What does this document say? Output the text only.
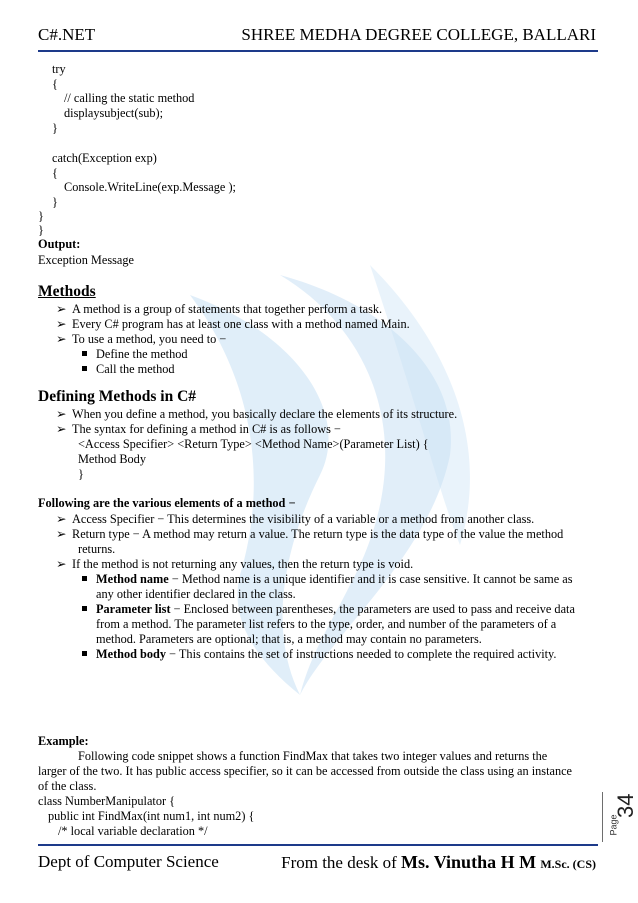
C#.NET	SHREE MEDHA DEGREE COLLEGE, BALLARI
try
{
// calling the static method
displaysubject(sub);
}
catch(Exception exp)
{
Console.WriteLine(exp.Message );
}
}
}
Output:
Exception Message
Methods
➢ A method is a group of statements that together perform a task.
➢ Every C# program has at least one class with a method named Main.
➢ To use a method, you need to −
Define the method
Call the method
Defining Methods in C#
➢ When you define a method, you basically declare the elements of its structure.
➢ The syntax for defining a method in C# is as follows −
<Access Specifier> <Return Type> <Method Name>(Parameter List) {
Method Body
}
Following are the various elements of a method −
➢ Access Specifier − This determines the visibility of a variable or a method from another class.
➢ Return type − A method may return a value. The return type is the data type of the value the method
returns.
➢ If the method is not returning any values, then the return type is void.
Method name − Method name is a unique identifier and it is case sensitive. It cannot be same as
any other identifier declared in the class.
Parameter list − Enclosed between parentheses, the parameters are used to pass and receive data
from a method. The parameter list refers to the type, order, and number of the parameters of a
method. Parameters are optional; that is, a method may contain no parameters.
Method body − This contains the set of instructions needed to complete the required activity.
Example:
Following code snippet shows a function FindMax that takes two integer values and returns the
larger of the two. It has public access specifier, so it can be accessed from outside the class using an instance
of the class.
class NumberManipulator {
public int FindMax(int num1, int num2) {
/* local variable declaration */	Page
34
Dept of Computer Science	From the desk of Ms. Vinutha H M M.Sc. (CS)
